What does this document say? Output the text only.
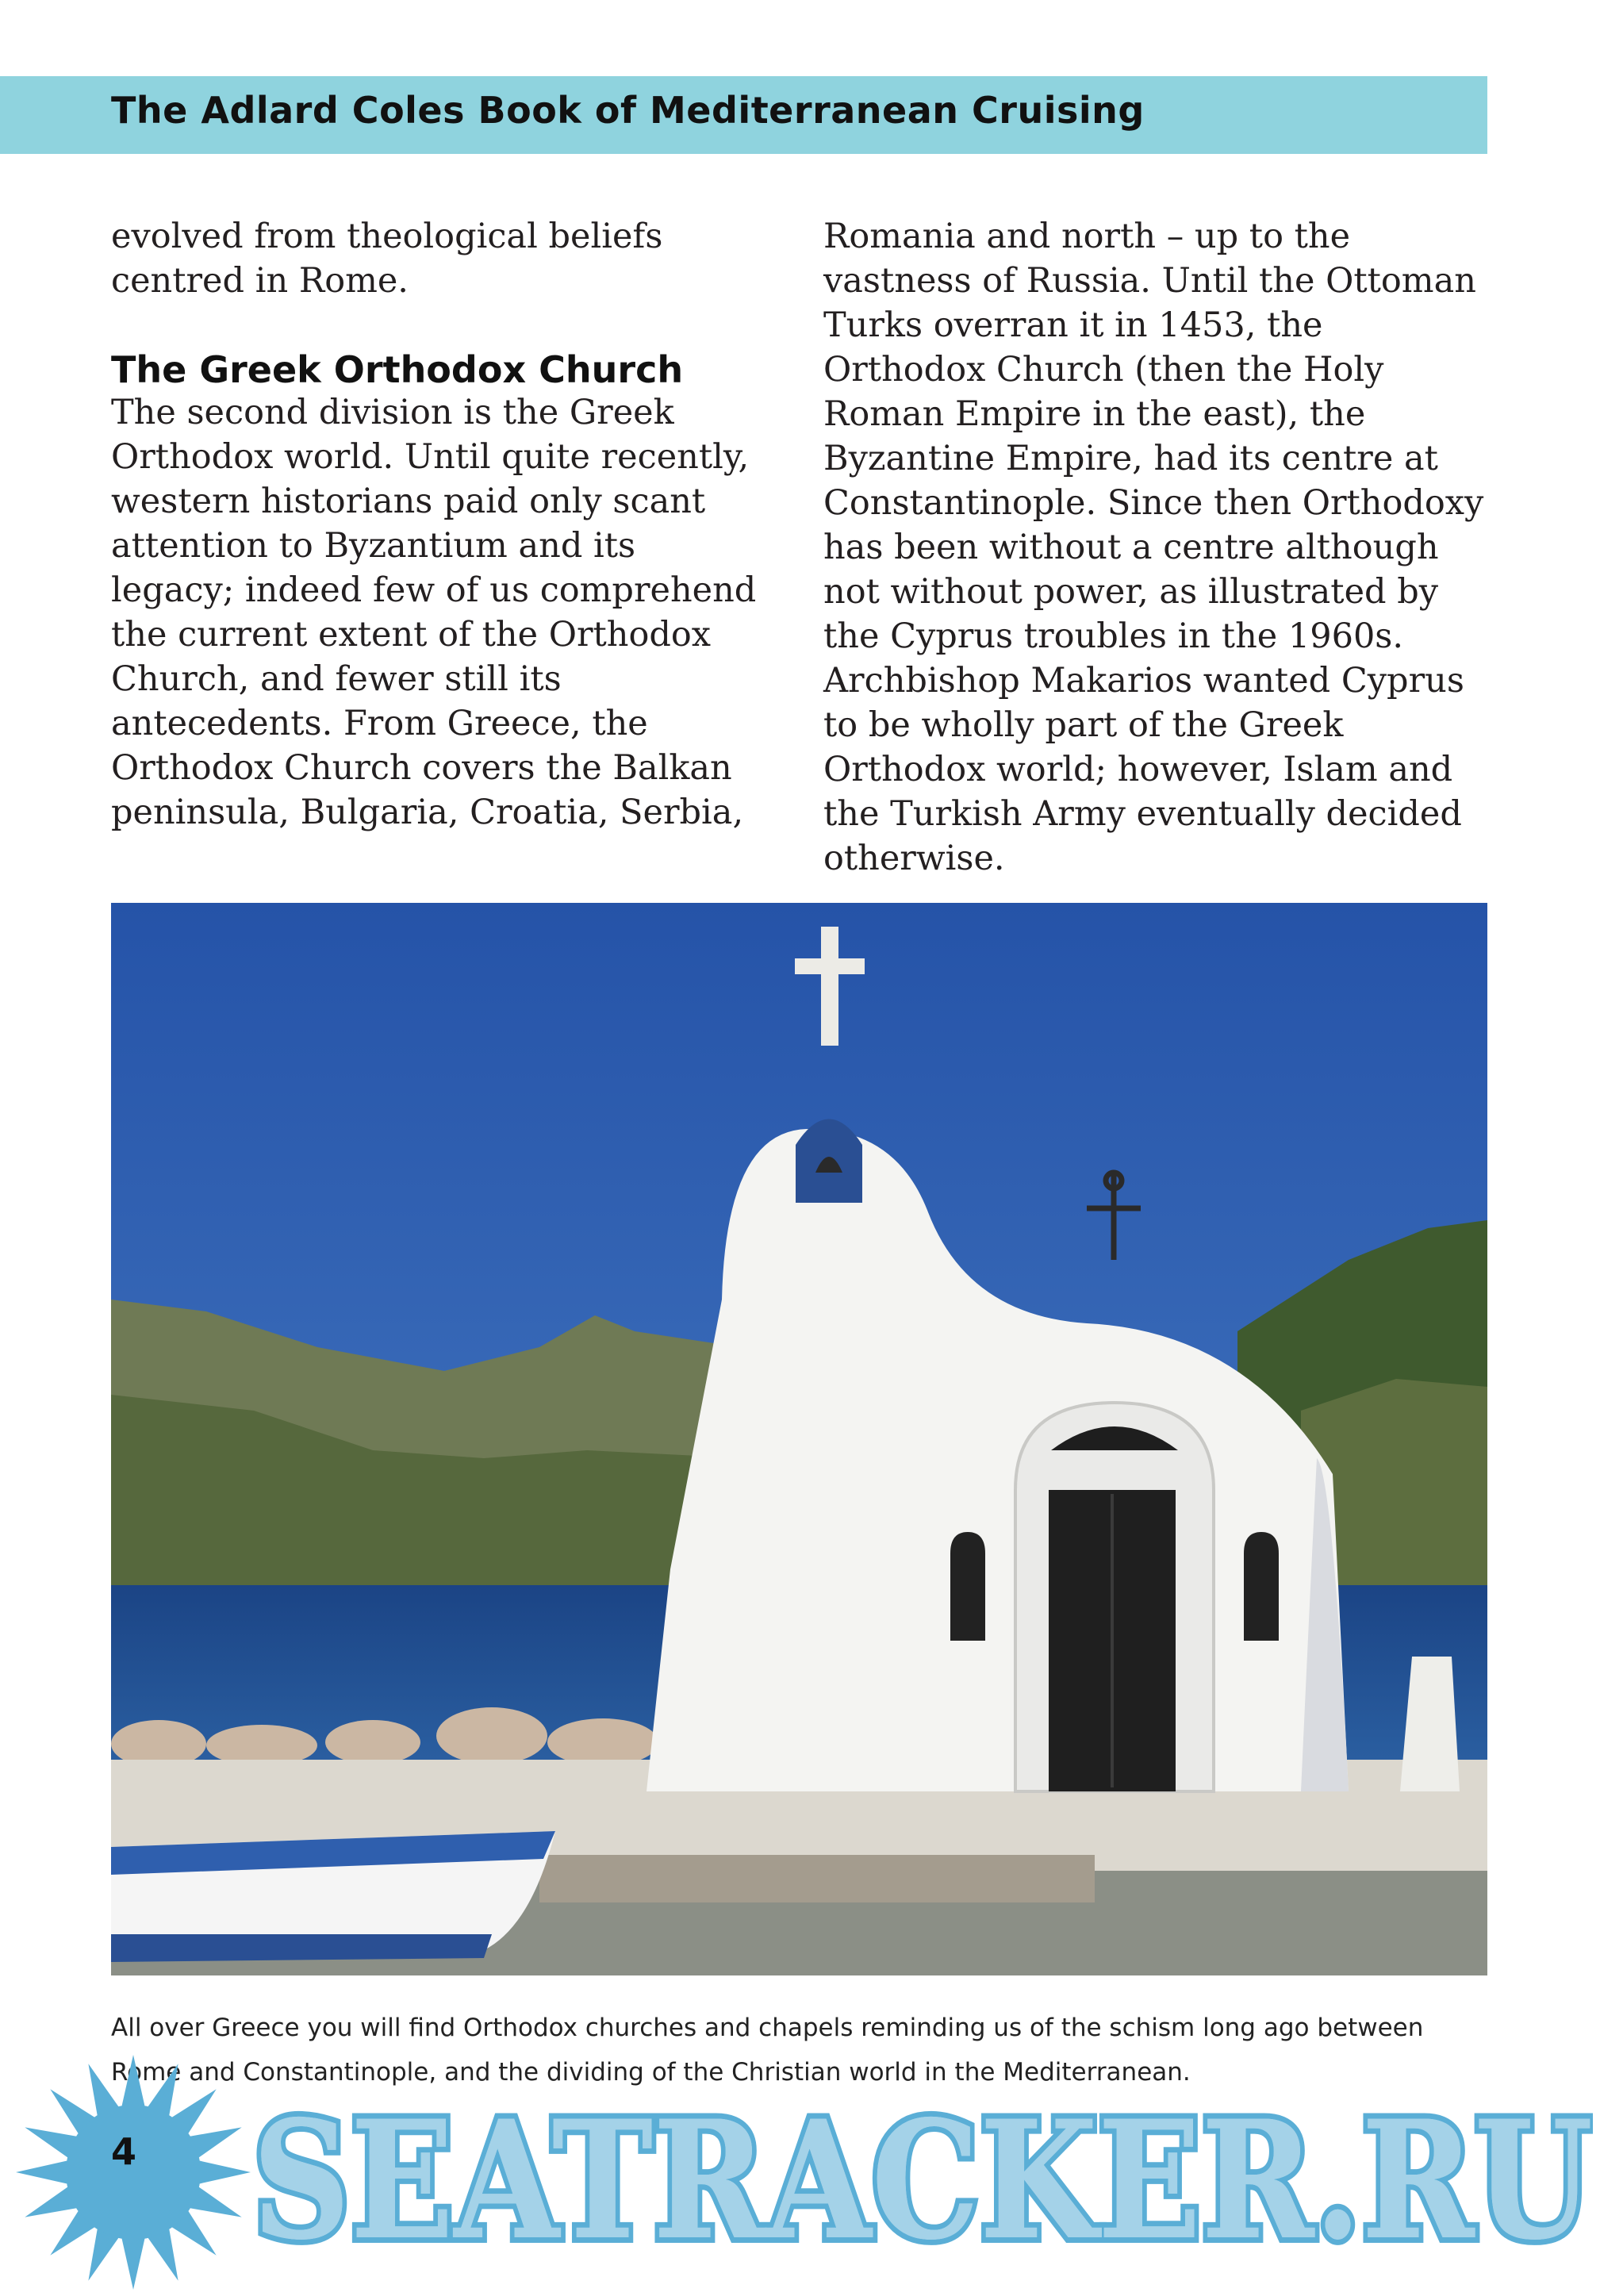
The Adlard Coles Book of Mediterranean Cruising

evolved from theological beliefs centred in Rome.

The Greek Orthodox Church

The second division is the Greek Orthodox world. Until quite recently, western historians paid only scant attention to Byzantium and its legacy; indeed few of us comprehend the current extent of the Orthodox Church, and fewer still its antecedents. From Greece, the Orthodox Church covers the Balkan peninsula, Bulgaria, Croatia, Serbia,

Romania and north – up to the vastness of Russia. Until the Ottoman Turks overran it in 1453, the Orthodox Church (then the Holy Roman Empire in the east), the Byzantine Empire, had its centre at Constantinople. Since then Orthodoxy has been without a centre although not without power, as illustrated by the Cyprus troubles in the 1960s. Archbishop Makarios wanted Cyprus to be wholly part of the Greek Orthodox world; however, Islam and the Turkish Army eventually decided otherwise.

All over Greece you will find Orthodox churches and chapels reminding us of the schism long ago between Rome and Constantinople, and the dividing of the Christian world in the Mediterranean.
4 SEATRACKER.RU
SEATRACKER.RU
